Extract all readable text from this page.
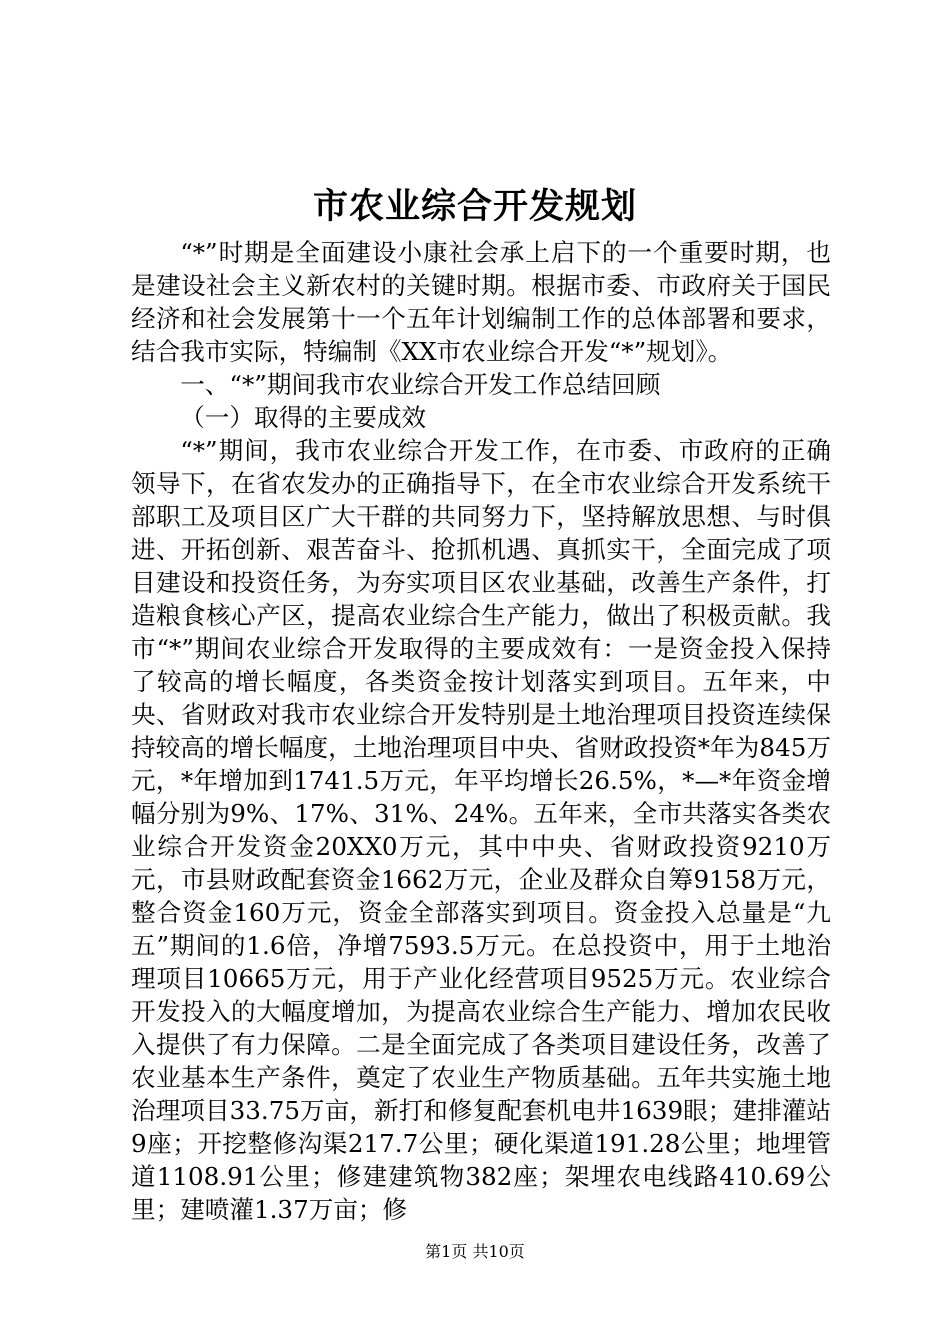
市农业综合开发规划

“*”时期是全面建设小康社会承上启下的一个重要时期，也是建设社会主义新农村的关键时期。根据市委、市政府关于国民经济和社会发展第十一个五年计划编制工作的总体部署和要求，结合我市实际，特编制《XX市农业综合开发“*”规划》。

一、“*”期间我市农业综合开发工作总结回顾

（一）取得的主要成效

“*”期间，我市农业综合开发工作，在市委、市政府的正确领导下，在省农发办的正确指导下，在全市农业综合开发系统干部职工及项目区广大干群的共同努力下，坚持解放思想、与时俱进、开拓创新、艰苦奋斗、抢抓机遇、真抓实干，全面完成了项目建设和投资任务，为夯实项目区农业基础，改善生产条件，打造粮食核心产区，提高农业综合生产能力，做出了积极贡献。我市“*”期间农业综合开发取得的主要成效有：一是资金投入保持了较高的增长幅度，各类资金按计划落实到项目。五年来，中央、省财政对我市农业综合开发特别是土地治理项目投资连续保持较高的增长幅度，土地治理项目中央、省财政投资*年为845万元，*年增加到1741.5万元，年平均增长26.5%，*—*年资金增幅分别为9%、17%、31%、24%。五年来，全市共落实各类农业综合开发资金20XX0万元，其中中央、省财政投资9210万元，市县财政配套资金1662万元，企业及群众自筹9158万元，整合资金160万元，资金全部落实到项目。资金投入总量是“九五”期间的1.6倍，净增7593.5万元。在总投资中，用于土地治理项目10665万元，用于产业化经营项目9525万元。农业综合开发投入的大幅度增加，为提高农业综合生产能力、增加农民收入提供了有力保障。二是全面完成了各类项目建设任务，改善了农业基本生产条件，奠定了农业生产物质基础。五年共实施土地治理项目33.75万亩，新打和修复配套机电井1639眼；建排灌站9座；开挖整修沟渠217.7公里；硬化渠道191.28公里；地埋管道1108.91公里；修建建筑物382座；架埋农电线路410.69公里；建喷灌1.37万亩；修

第1页 共10页
